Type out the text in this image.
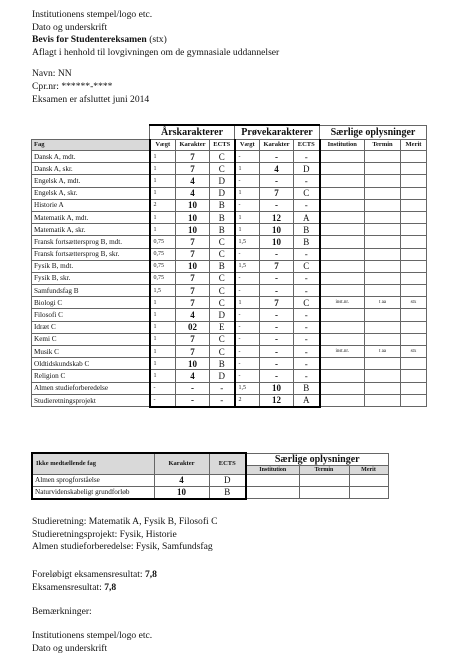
Institutionens stempel/logo etc.
Dato og underskrift
Bevis for Studentereksamen (stx)
Aflagt i henhold til lovgivningen om de gymnasiale uddannelser
Navn: NN
Cpr.nr: ******-****
Eksamen er afsluttet juni 2014
	Årskarakterer			Prøvekarakterer			Særlige oplysninger		
Fag	Vægt	Karakter	ECTS	Vægt	Karakter	ECTS	Institution	Termin	Merit
Dansk A, mdt.	1	7	C	-	-	-			
Dansk A, skr.	1	7	C	1	4	D			
Engelsk A, mdt.	1	4	D	-	-	-			
Engelsk A, skr.	1	4	D	1	7	C			
Historie A	2	10	B	-	-	-			
Matematik A, mdt.	1	10	B	1	12	A			
Matematik A, skr.	1	10	B	1	10	B			
Fransk fortsættersprog B, mdt.	0,75	7	C	1,5	10	B			
Fransk fortsættersprog B, skr.	0,75	7	C	-	-	-			
Fysik B, mdt.	0,75	10	B	1,5	7	C			
Fysik B, skr.	0,75	7	C	-	-	-			
Samfundsfag B	1,5	7	C	-	-	-			
Biologi C	1	7	C	1	7	C	inst.nr.	t aa	stx
Filosofi C	1	4	D	-	-	-			
Idræt C	1	02	E	-	-	-			
Kemi C	1	7	C	-	-	-			
Musik C	1	7	C	-	-	-	inst.nr.	t aa	stx
Oldtidskundskab C	1	10	B	-	-	-			
Religion C	1	4	D	-	-	-			
Almen studieforberedelse	-	-	-	1,5	10	B			
Studieretningsprojekt	-	-	-	2	12	A			
Ikke medtællende fag	Karakter	ECTS	Særlige oplysninger		
			Institution	Termin	Merit
Almen sprogforståelse	4	D			
Naturvidenskabeligt grundforløb	10	B			
Studieretning: Matematik A, Fysik B, Filosofi C
Studieretningsprojekt: Fysik, Historie
Almen studieforberedelse: Fysik, Samfundsfag
Foreløbigt eksamensresultat: 7,8
Eksamensresultat: 7,8
Bemærkninger:
Institutionens stempel/logo etc.
Dato og underskrift
